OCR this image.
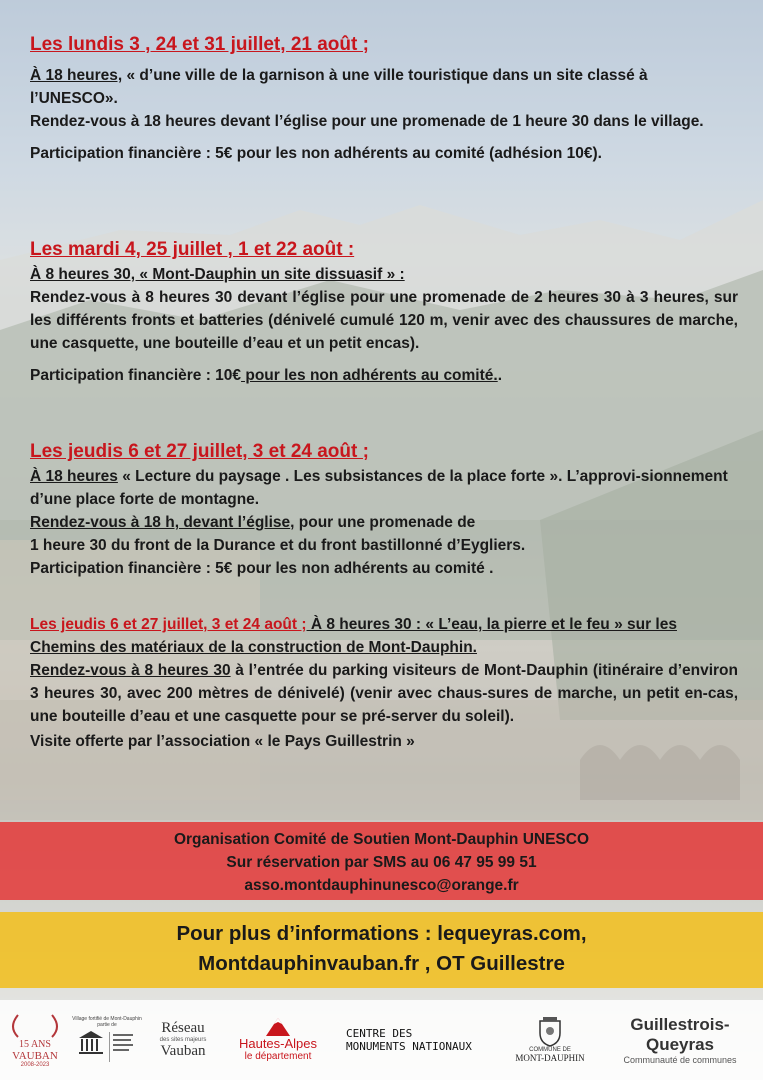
Les lundis 3 , 24 et 31 juillet, 21 août ;

À 18 heures, « d’une ville de la garnison à une ville touristique dans un site classé à l’UNESCO».

Rendez-vous à 18 heures devant l’église pour une promenade de 1 heure 30 dans le village.

Participation financière : 5€ pour les non adhérents au comité (adhésion 10€).

Les mardi 4, 25 juillet , 1 et 22 août :

À 8 heures 30, « Mont-Dauphin un site dissuasif » :

Rendez-vous à 8 heures 30 devant l’église pour une promenade de 2 heures 30 à 3 heures, sur les différents fronts et batteries (dénivelé cumulé 120 m, venir avec des chaussures de marche, une casquette, une bouteille d’eau et un petit encas).

Participation financière : 10€ pour les non adhérents au comité..

Les jeudis 6 et 27 juillet, 3 et 24 août ;

À 18 heures « Lecture du paysage . Les subsistances de la place forte ». L’approvi-sionnement d’une place forte de montagne.

Rendez-vous à 18 h, devant l’église, pour une promenade de

1 heure 30 du front de la Durance et du front bastillonné d’Eygliers.

Participation financière : 5€ pour les non adhérents au comité .

Les jeudis 6 et 27 juillet, 3 et 24 août ; À 8 heures 30 : « L’eau, la pierre et le feu » sur les Chemins des matériaux de la construction de Mont-Dauphin.

Rendez-vous à 8 heures 30 à l’entrée du parking visiteurs de Mont-Dauphin (itinéraire d’environ 3 heures 30, avec 200 mètres de dénivelé) (venir avec chaus-sures de marche, un petit en-cas, une bouteille d’eau et une casquette pour se pré-server du soleil).

Visite offerte par l’association « le Pays Guillestrin »

Organisation Comité de Soutien Mont-Dauphin UNESCO

Sur réservation par SMS au 06 47 95 99 51

asso.montdauphinunesco@orange.fr

Pour plus d’informations : lequeyras.com,

Montdauphinvauban.fr , OT Guillestre

15 ANS
VAUBAN
2008-2023
Village fortifié de Mont-Dauphin partie de	Réseau
des sites majeurs
Vauban	Hautes-Alpes
le département
CENTRE DES
MONUMENTS NATIONAUX	COMMUNE DE
MONT-DAUPHIN
Guillestrois-Queyras
Communauté de communes
